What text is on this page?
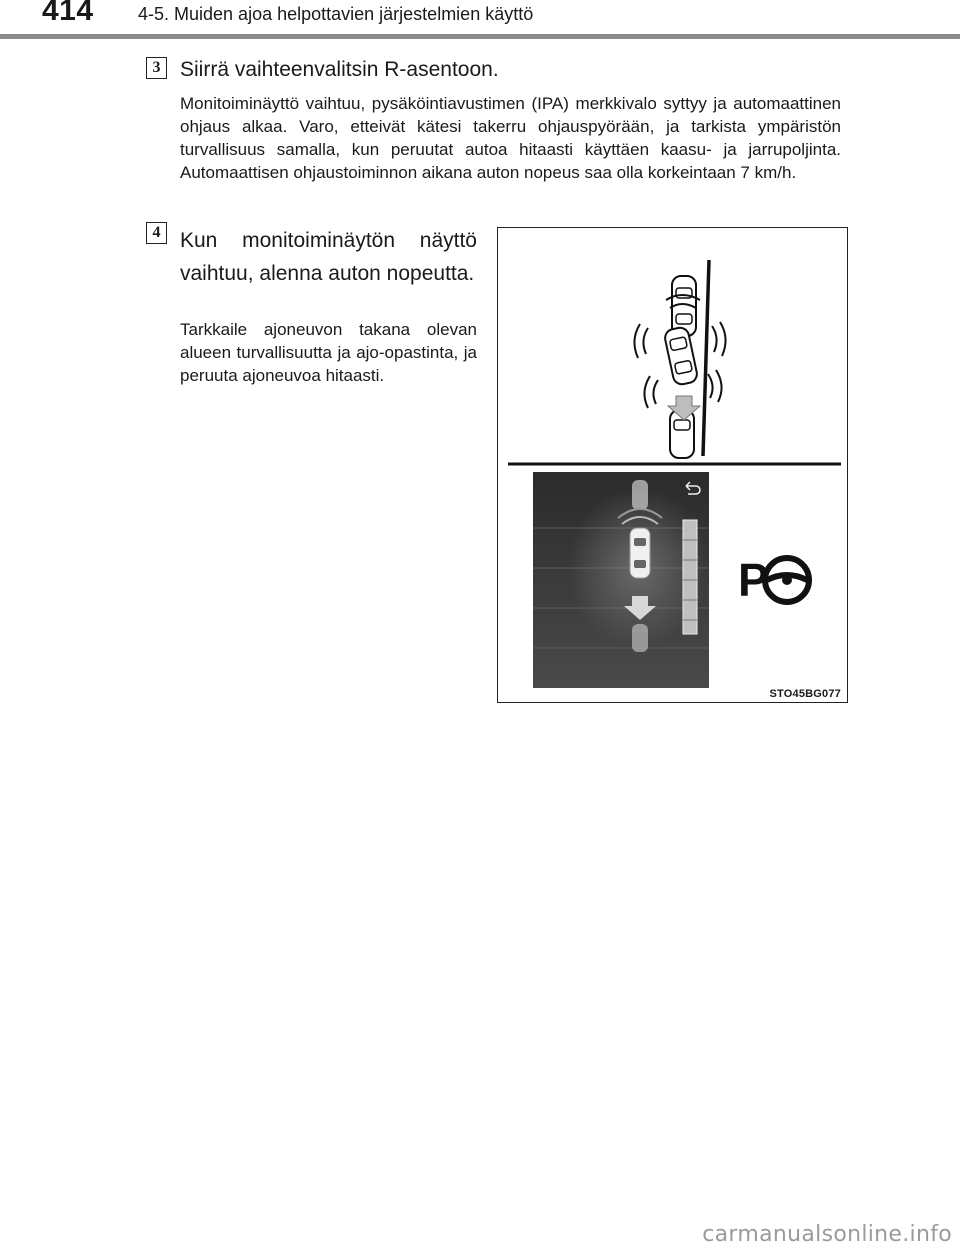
414 4-5. Muiden ajoa helpottavien järjestelmien käyttö
3 Siirrä vaihteenvalitsin R-asentoon.

Monitoiminäyttö vaihtuu, pysäköintiavustimen (IPA) merkkivalo syttyy ja automaattinen ohjaus alkaa. Varo, etteivät kätesi takerru ohjauspyörään, ja tarkista ympäristön turvallisuus samalla, kun peruutat autoa hitaasti käyttäen kaasu- ja jarrupoljinta. Automaattisen ohjaustoiminnon aikana auton nopeus saa olla korkeintaan 7 km/h.

4 Kun monitoiminäytön näyttö vaihtuu, alenna auton nopeutta.

Tarkkaile ajoneuvon takana olevan alueen turvallisuutta ja ajo-opastinta, ja peruuta ajoneuvoa hitaasti.

P
STO45BG077
carmanualsonline.info
